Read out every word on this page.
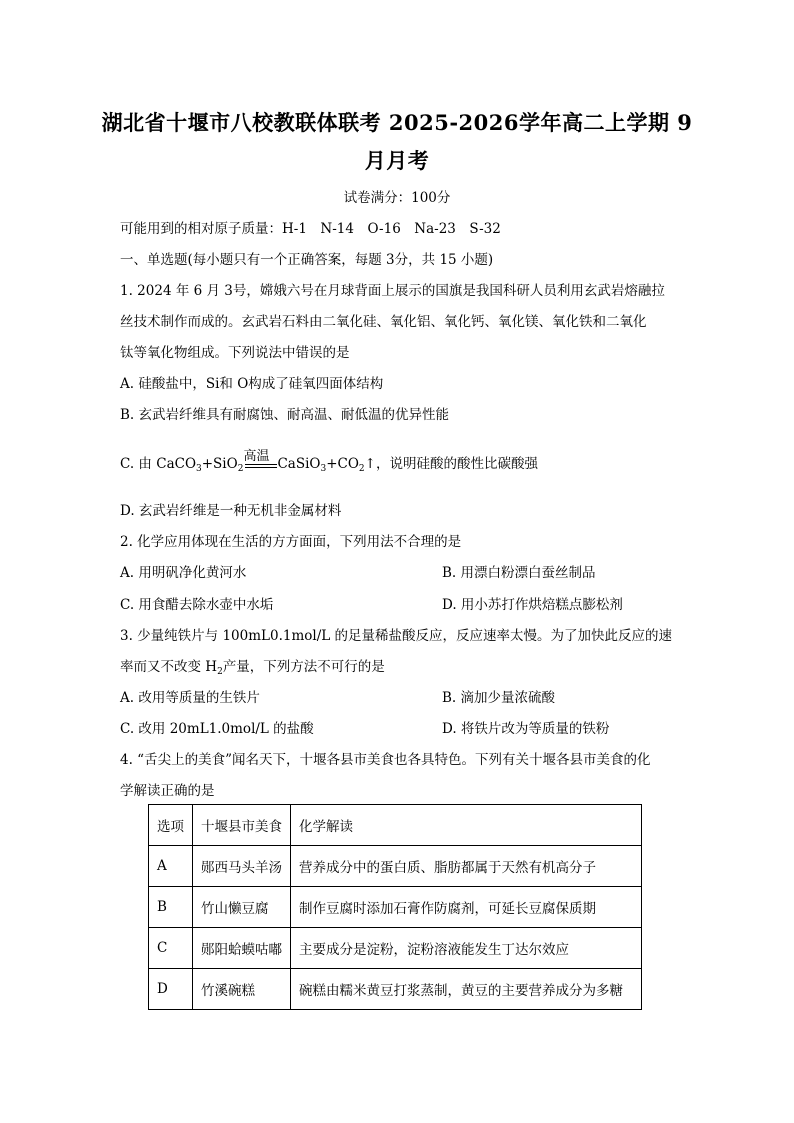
湖北省十堰市八校教联体联考 2025-2026学年高二上学期 9
月月考
试卷满分：100分
可能用到的相对原子质量：H-1　N-14　O-16　Na-23　S-32
一、单选题(每小题只有一个正确答案，每题 3分，共 15 小题)
1. 2024 年 6 月 3号，嫦娥六号在月球背面上展示的国旗是我国科研人员利用玄武岩熔融拉
丝技术制作而成的。玄武岩石料由二氧化硅、氧化铝、氧化钙、氧化镁、氧化铁和二氧化
钛等氧化物组成。下列说法中错误的是
A. 硅酸盐中，Si和 O构成了硅氧四面体结构
B. 玄武岩纤维具有耐腐蚀、耐高温、耐低温的优异性能
C. 由 CaCO$_3$+SiO$_2$
高温 $CaSiO_3+CO_2↑$，说明硅酸的酸性比碳酸强
D. 玄武岩纤维是一种无机非金属材料
2. 化学应用体现在生活的方方面面，下列用法不合理的是
A. 用明矾净化黄河水	B. 用漂白粉漂白蚕丝制品
C. 用食醋去除水壶中水垢	D. 用小苏打作烘焙糕点膨松剂
3. 少量纯铁片与 100mL0.1mol/L 的足量稀盐酸反应，反应速率太慢。为了加快此反应的速
率而又不改变 $H_2$产量，下列方法不可行的是
A. 改用等质量的生铁片	B. 滴加少量浓硫酸
C. 改用 20mL1.0mol/L 的盐酸	D. 将铁片改为等质量的铁粉
4. “舌尖上的美食”闻名天下，十堰各县市美食也各具特色。下列有关十堰各县市美食的化
学解读正确的是
选项	十堰县市美食	化学解读
A	郧西马头羊汤	营养成分中的蛋白质、脂肪都属于天然有机高分子
B	竹山懒豆腐	制作豆腐时添加石膏作防腐剂，可延长豆腐保质期
C	郧阳蛤蟆咕嘟	主要成分是淀粉，淀粉溶液能发生丁达尔效应
D	竹溪碗糕	碗糕由糯米黄豆打浆蒸制，黄豆的主要营养成分为多糖
